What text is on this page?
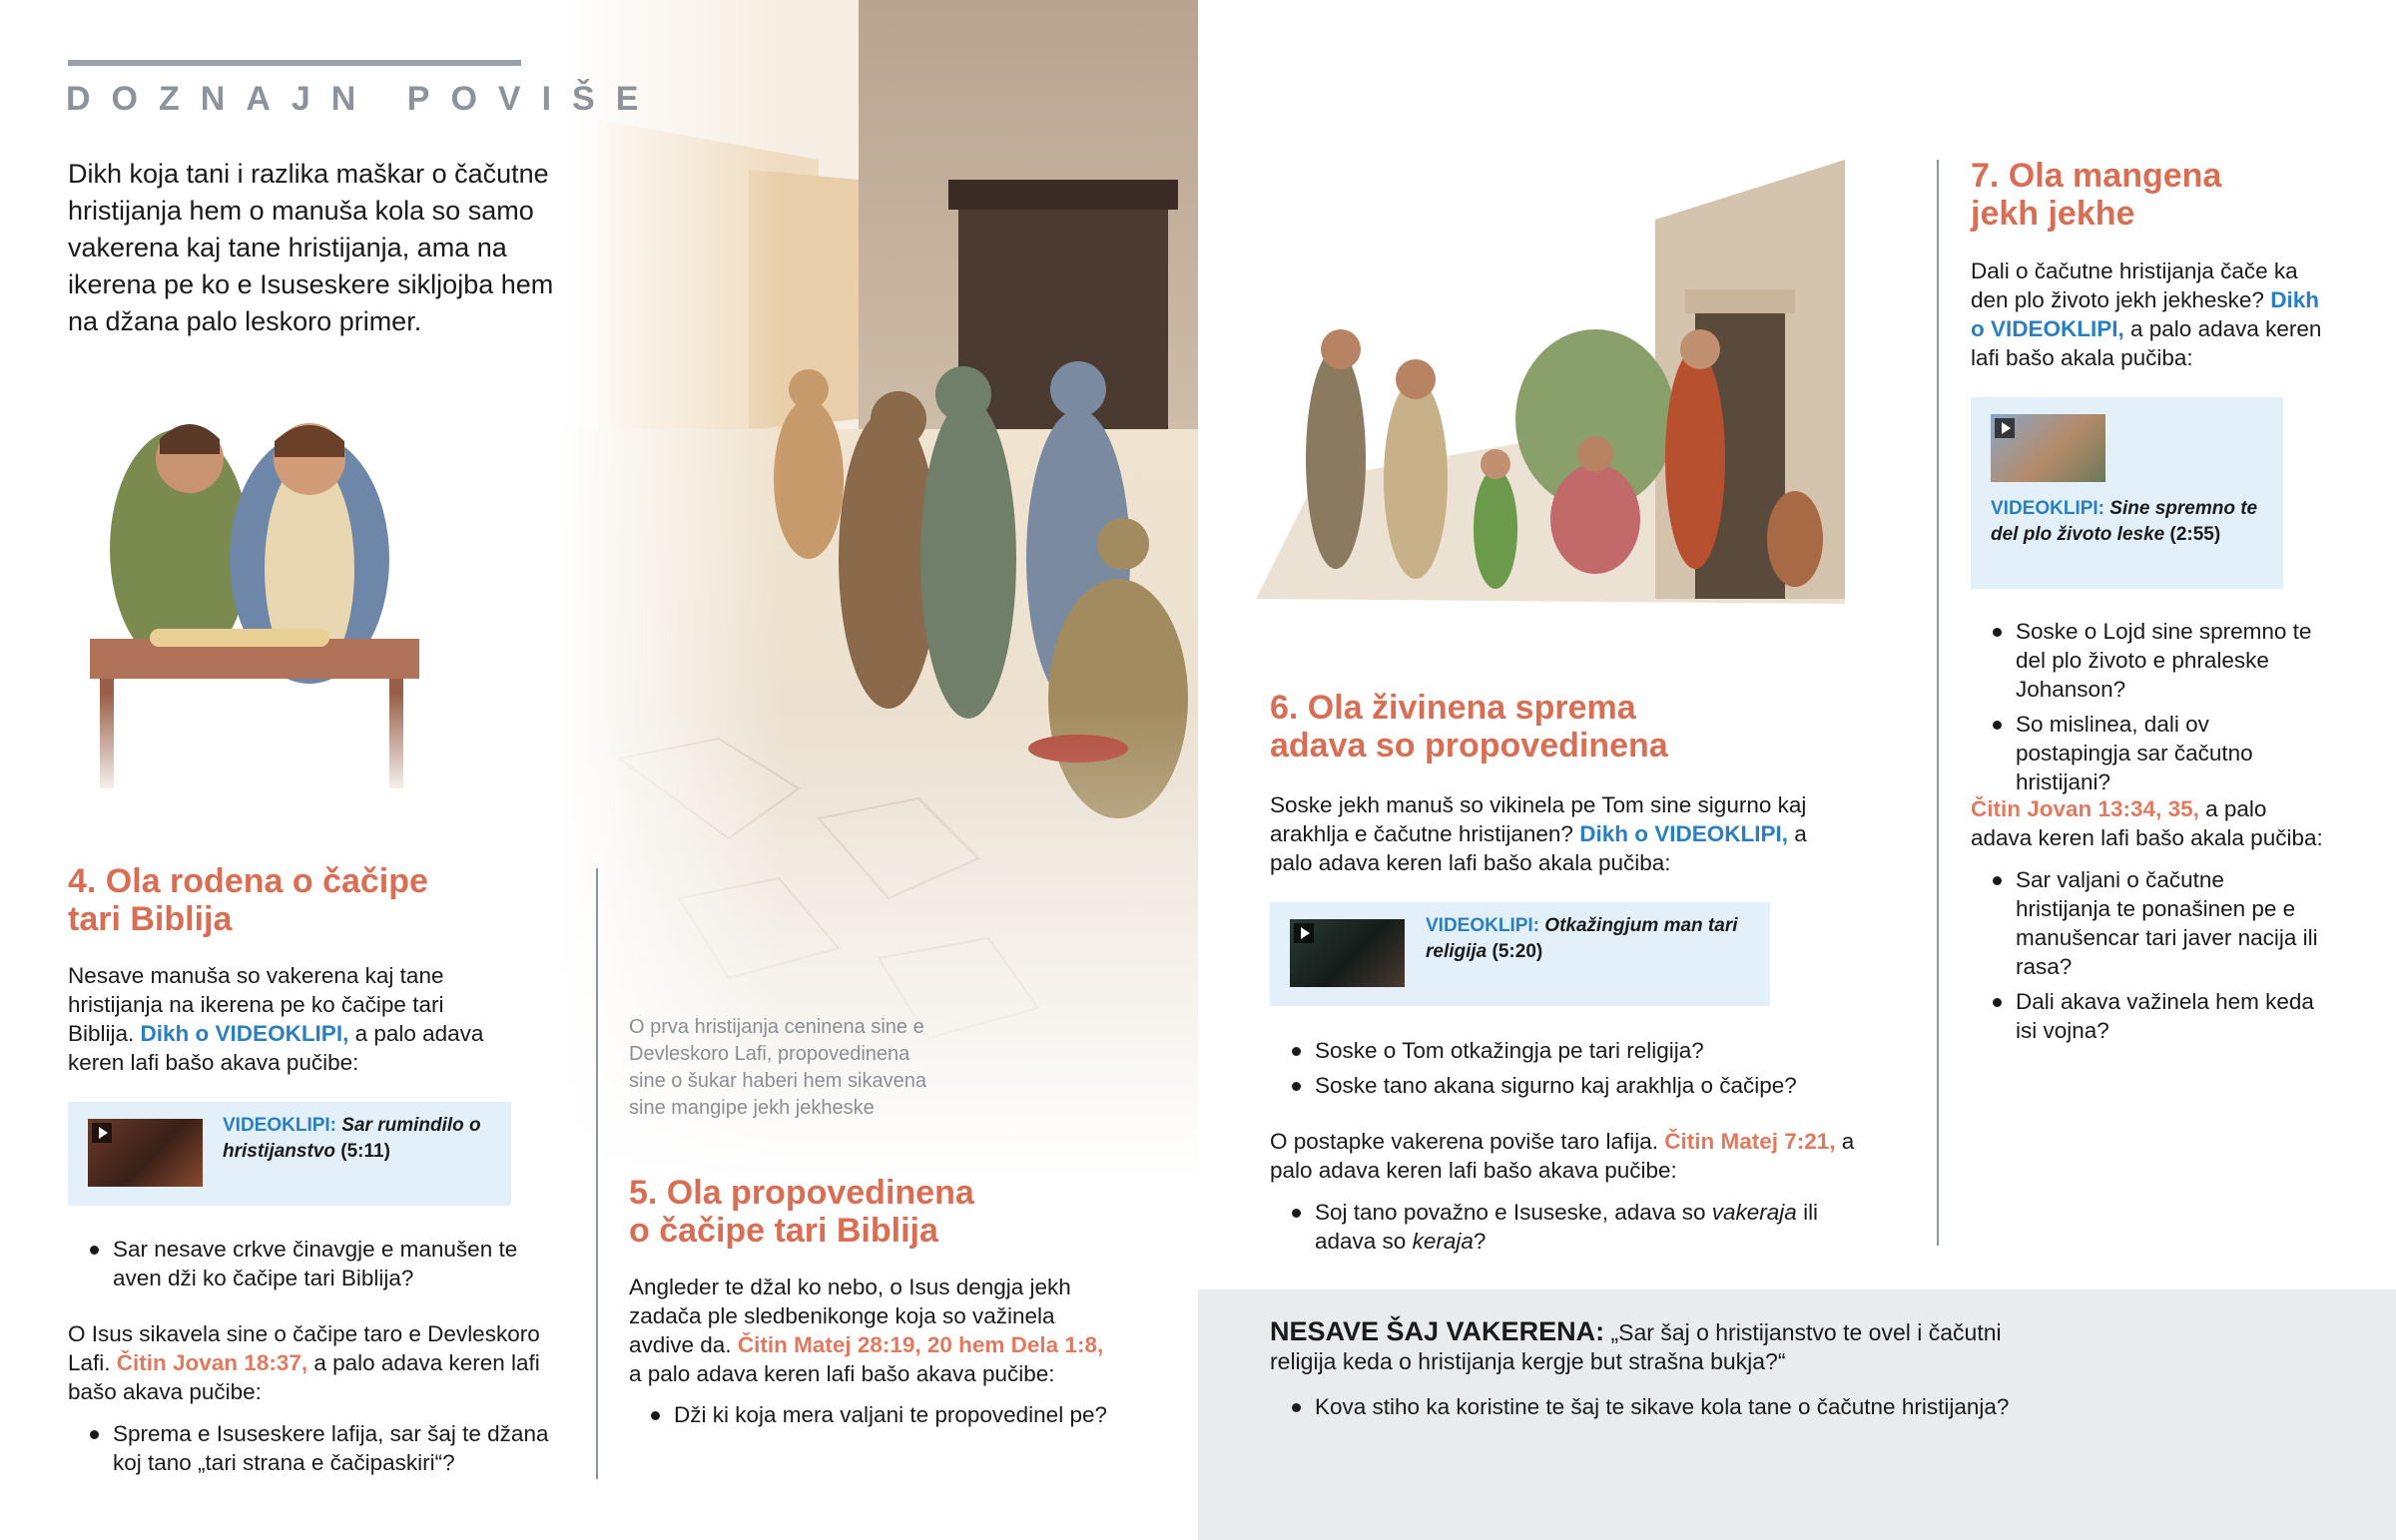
DOZNAJN POVIŠE
Dikh koja tani i razlika maškar o čačutne hristijanja hem o manuša kola so samo vakerena kaj tane hristijanja, ama na ikerena pe ko e Isuseskere sikljojba hem na džana palo leskoro primer.
4. Ola rodena o čačipe
tari Biblija
Nesave manuša so vakerena kaj tane hristijanja na ikerena pe ko čačipe tari Biblija. Dikh o VIDEOKLIPI, a palo adava keren lafi bašo akava pučibe:
VIDEOKLIPI: Sar rumindilo o hristijanstvo (5:11)
Sar nesave crkve činavgje e manušen te aven dži ko čačipe tari Biblija?
O Isus sikavela sine o čačipe taro e Devleskoro Lafi. Čitin Jovan 18:37, a palo adava keren lafi bašo akava pučibe:
Sprema e Isuseskere lafija, sar šaj te džana koj tano „tari strana e čačipaskiri“?
O prva hristijanja ceninena sine e Devleskoro Lafi, propovedinena sine o šukar haberi hem sikavena sine mangipe jekh jekheske
5. Ola propovedinena
o čačipe tari Biblija
Angleder te džal ko nebo, o Isus dengja jekh zadača ple sledbenikonge koja so važinela avdive da. Čitin Matej 28:19, 20 hem Dela 1:8, a palo adava keren lafi bašo akava pučibe:
Dži ki koja mera valjani te propovedinel pe?
NESAVE ŠAJ VAKERENA: „Sar šaj o hristijanstvo te ovel i čačutni religija keda o hristijanja kergje but strašna bukja?“
Kova stiho ka koristine te šaj te sikave kola tane o čačutne hristijanja?
6. Ola živinena sprema
adava so propovedinena
Soske jekh manuš so vikinela pe Tom sine sigurno kaj arakhlja e čačutne hristijanen? Dikh o VIDEOKLIPI, a palo adava keren lafi bašo akala pučiba:
VIDEOKLIPI: Otkažingjum man tari religija (5:20)
Soske o Tom otkažingja pe tari religija?
Soske tano akana sigurno kaj arakhlja o čačipe?
O postapke vakerena poviše taro lafija. Čitin Matej 7:21, a palo adava keren lafi bašo akava pučibe:
Soj tano považno e Isuseske, adava so vakeraja ili adava so keraja?
7. Ola mangena
jekh jekhe
Dali o čačutne hristijanja čače ka den plo životo jekh jekheske? Dikh o VIDEOKLIPI, a palo adava keren lafi bašo akala pučiba:
VIDEOKLIPI: Sine spremno te del plo životo leske (2:55)
Soske o Lojd sine spremno te del plo životo e phraleske Johanson?
So mislinea, dali ov postapingja sar čačutno hristijani?
Čitin Jovan 13:34, 35, a palo adava keren lafi bašo akala pučiba:
Sar valjani o čačutne hristijanja te ponašinen pe e manušencar tari javer nacija ili rasa?
Dali akava važinela hem keda isi vojna?
